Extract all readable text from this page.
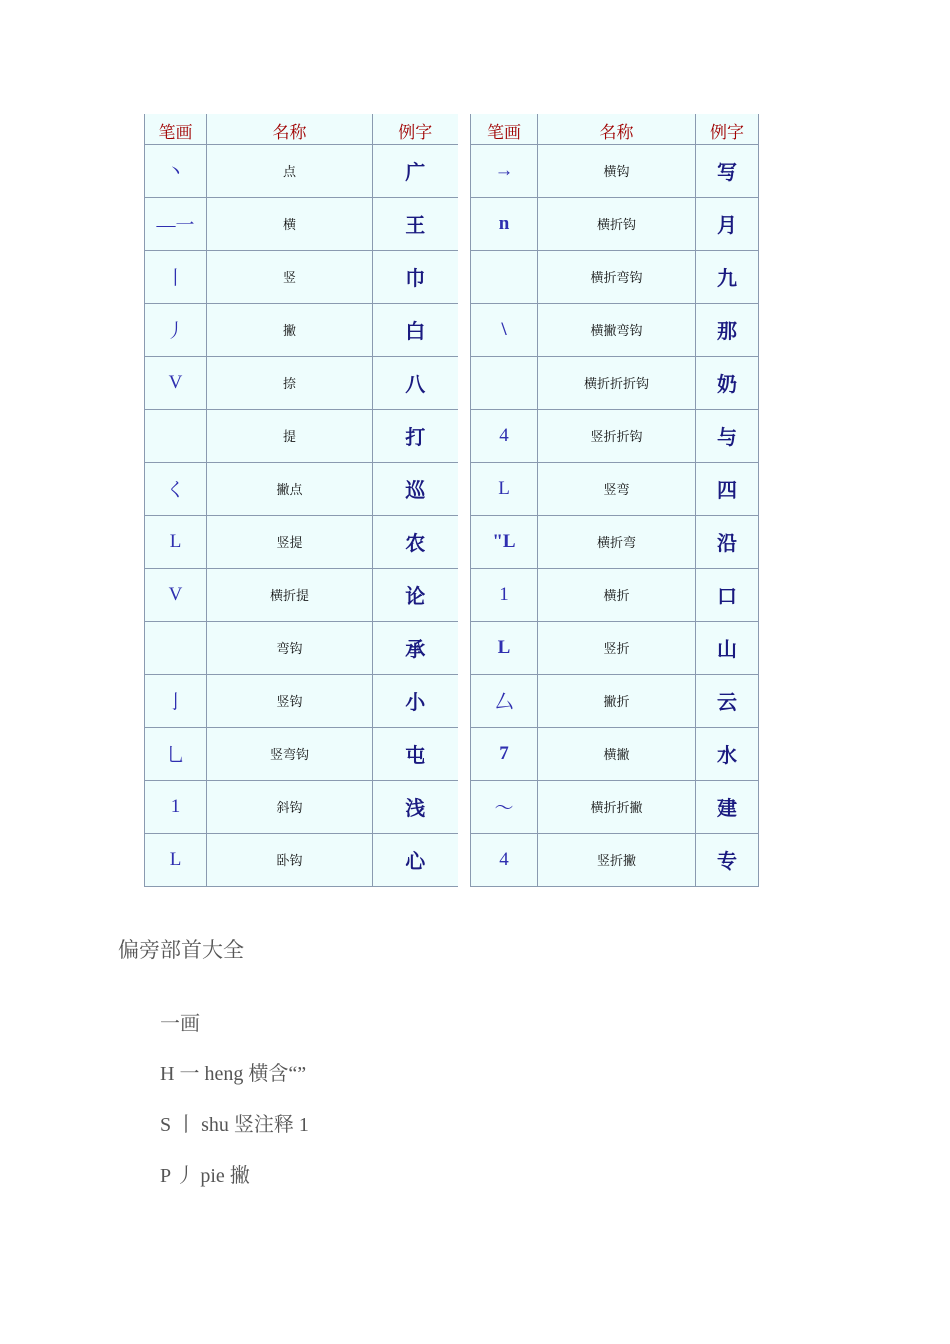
笔画	名称	例字		笔画	名称	例字
丶	点	广		→	横钩	写
—一	横	王		n	横折钩	月
丨	竖	巾			横折弯钩	九
丿	撇	白		\	横撇弯钩	那
V	捺	八			横折折折钩	奶
	提	打		4	竖折折钩	与
く	撇点	巡		L	竖弯	四
L	竖提	农		"L	横折弯	沿
V	横折提	论		1	横折	口
	弯钩	承		L	竖折	山
亅	竖钩	小		厶	撇折	云
乚	竖弯钩	屯		7	横撇	水
1	斜钩	浅		〜	横折折撇	建
L	卧钩	心		4	竖折撇	专

偏旁部首大全

一画

H 一 heng 横含“”

S 丨 shu 竖注释 1

P 丿 pie 撇
